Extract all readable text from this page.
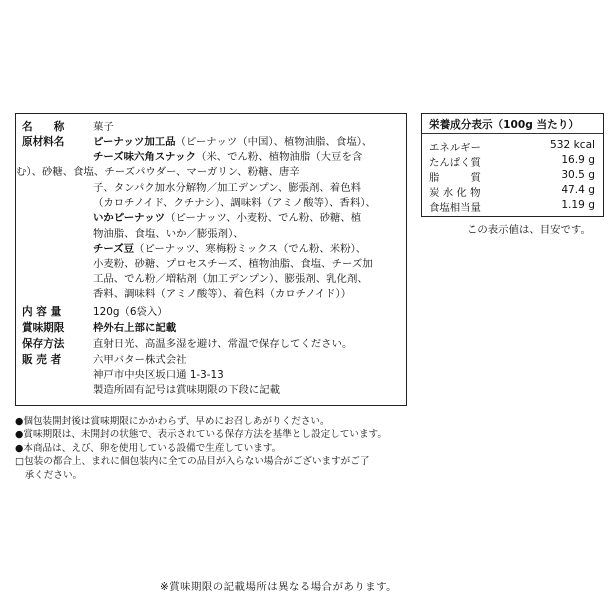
名　　称	菓子
原材料名	ピーナッツ加工品（ピーナッツ（中国）、植物油脂、食塩）、
チーズ味六角スナック（米、でん粉、植物油脂（大豆を含
む）、砂糖、食塩、チーズパウダー、マーガリン、粉糖、唐辛
子、タンパク加水分解物／加工デンプン、膨張剤、着色料
（カロチノイド、クチナシ）、調味料（アミノ酸等）、香料）、
いかピーナッツ（ピーナッツ、小麦粉、でん粉、砂糖、植
物油脂、食塩、いか／膨張剤）、
チーズ豆（ピーナッツ、寒梅粉ミックス（でん粉、米粉）、
小麦粉、砂糖、プロセスチーズ、植物油脂、食塩、チーズ加
工品、でん粉／増粘剤（加工デンプン）、膨張剤、乳化剤、
香料、調味料（アミノ酸等）、着色料（カロチノイド））
内 容 量	120g（6袋入）
賞味期限	枠外右上部に記載
保存方法	直射日光、高温多湿を避け、常温で保存してください。
販 売 者	六甲バター株式会社
神戸市中央区坂口通 1-3-13
製造所固有記号は賞味期限の下段に記載
栄養成分表示（100g 当たり）
エネルギー	532 kcal
たんぱく質	16.9 g
脂　　　質	30.5 g
炭 水 化 物	47.4 g
食塩相当量	1.19 g
この表示値は、目安です。

●個包装開封後は賞味期限にかかわらず、早めにお召しあがりください。

●賞味期限は、未開封の状態で、表示されている保存方法を基準とし設定しています。

●本商品は、えび、卵を使用している設備で生産しています。

□包装の都合上、まれに個包装内に全ての品目が入らない場合がございますがご了

　承ください。

※賞味期限の記載場所は異なる場合があります。
